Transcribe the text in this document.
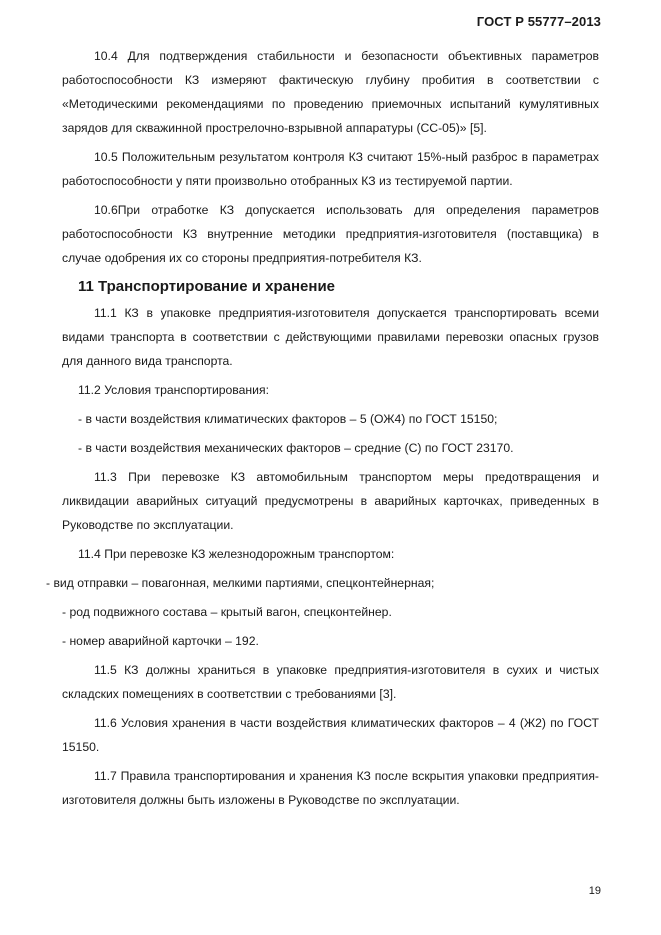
ГОСТ Р 55777–2013

10.4 Для подтверждения стабильности и безопасности объективных параметров работоспособности КЗ измеряют фактическую глубину пробития в соответствии с «Методическими рекомендациями по проведению приемочных испытаний кумулятивных зарядов для скважинной прострелочно-взрывной аппаратуры (СС-05)» [5].

10.5 Положительным результатом контроля КЗ считают 15%-ный разброс в параметрах работоспособности у пяти произвольно отобранных КЗ из тестируемой партии.

10.6При отработке КЗ допускается использовать для определения параметров работоспособности КЗ внутренние методики предприятия-изготовителя (поставщика) в случае одобрения их со стороны предприятия-потребителя КЗ.

11 Транспортирование и хранение

11.1 КЗ в упаковке предприятия-изготовителя допускается транспортировать всеми видами транспорта в соответствии с действующими правилами перевозки опасных грузов для данного вида транспорта.

11.2 Условия транспортирования:

- в части воздействия климатических факторов – 5 (ОЖ4) по ГОСТ 15150;
- в части воздействия механических факторов – средние (С) по ГОСТ 23170.

11.3 При перевозке КЗ автомобильным транспортом меры предотвращения и ликвидации аварийных ситуаций предусмотрены в аварийных карточках, приведенных в Руководстве по эксплуатации.

11.4 При перевозке КЗ железнодорожным транспортом:

- вид отправки – повагонная, мелкими партиями, спецконтейнерная;
- род подвижного состава – крытый вагон, спецконтейнер.
- номер аварийной карточки – 192.

11.5 КЗ должны храниться в упаковке предприятия-изготовителя в сухих и чистых складских помещениях в соответствии с требованиями [3].

11.6 Условия хранения в части воздействия климатических факторов – 4 (Ж2) по ГОСТ 15150.

11.7 Правила транспортирования и хранения КЗ после вскрытия упаковки предприятия-изготовителя должны быть изложены в Руководстве по эксплуатации.

19
